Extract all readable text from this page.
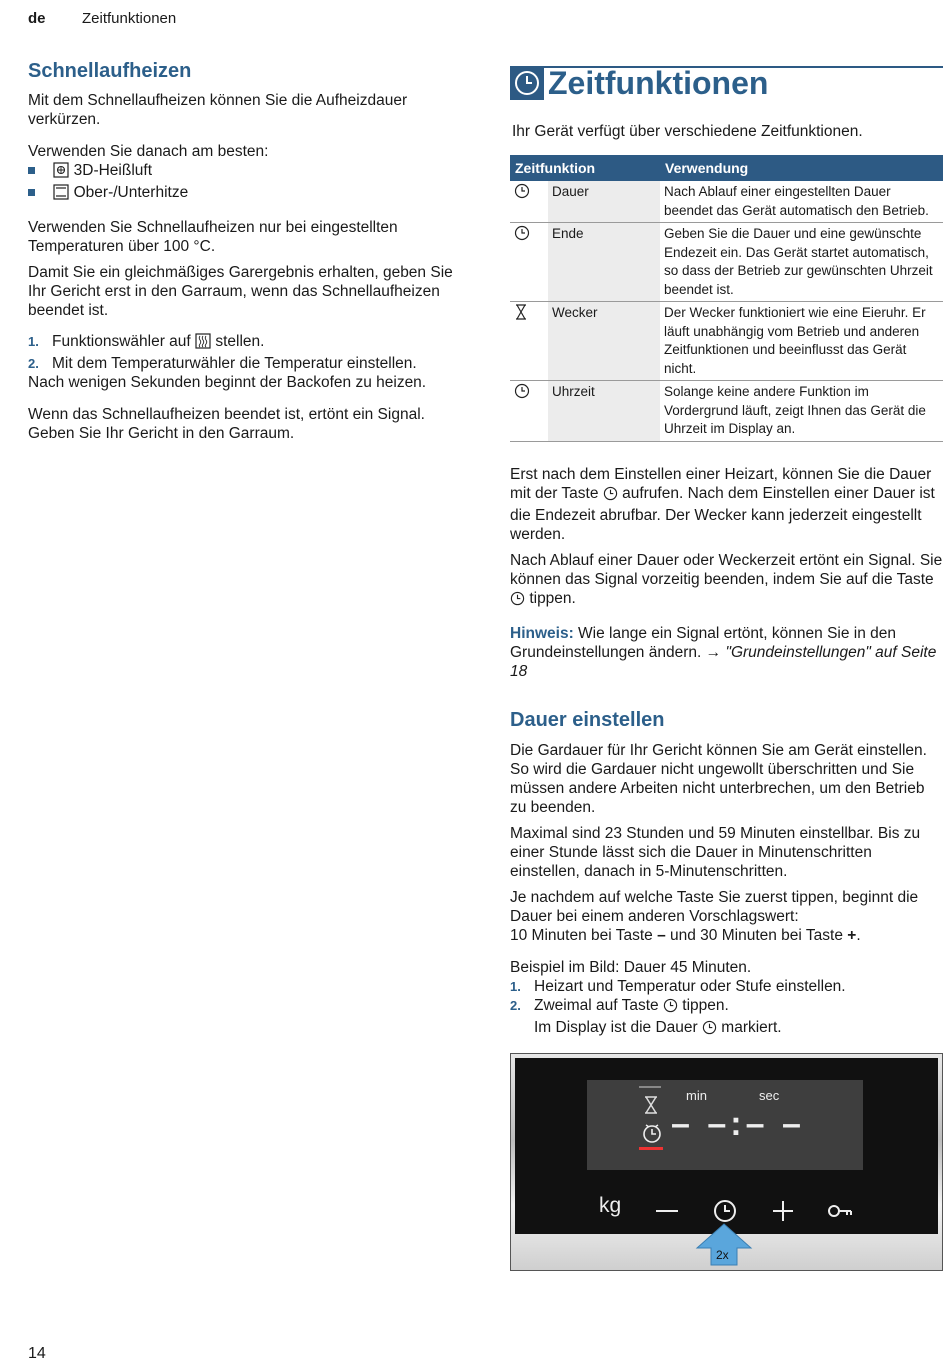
de Zeitfunktionen
Schnellaufheizen

Mit dem Schnellaufheizen können Sie die Aufheizdauer verkürzen.

Verwenden Sie danach am besten:

3D-Heißluft
Ober-/Unterhitze

Verwenden Sie Schnellaufheizen nur bei eingestellten Temperaturen über 100 °C.

Damit Sie ein gleichmäßiges Garergebnis erhalten, geben Sie Ihr Gericht erst in den Garraum, wenn das Schnellaufheizen beendet ist.

1. Funktionswähler auf stellen.
2. Mit dem Temperaturwähler die Temperatur einstellen.

Nach wenigen Sekunden beginnt der Backofen zu heizen.

Wenn das Schnellaufheizen beendet ist, ertönt ein Signal. Geben Sie Ihr Gericht in den Garraum.

Zeitfunktionen
Ihr Gerät verfügt über verschiedene Zeitfunktionen.
Zeitfunktion		Verwendung
	Dauer	Nach Ablauf einer eingestellten Dauer beendet das Gerät automatisch den Betrieb.
	Ende	Geben Sie die Dauer und eine gewünschte Endezeit ein. Das Gerät startet automatisch, so dass der Betrieb zur gewünschten Uhrzeit beendet ist.
	Wecker	Der Wecker funktioniert wie eine Eieruhr. Er läuft unabhängig vom Betrieb und anderen Zeitfunktionen und beeinflusst das Gerät nicht.
	Uhrzeit	Solange keine andere Funktion im Vordergrund läuft, zeigt Ihnen das Gerät die Uhrzeit im Display an.

Erst nach dem Einstellen einer Heizart, können Sie die Dauer mit der Taste aufrufen. Nach dem Einstellen einer Dauer ist die Endezeit abrufbar. Der Wecker kann jederzeit eingestellt werden.

Nach Ablauf einer Dauer oder Weckerzeit ertönt ein Signal. Sie können das Signal vorzeitig beenden, indem Sie auf die Taste  tippen.

Hinweis: Wie lange ein Signal ertönt, können Sie in den Grundeinstellungen ändern. → "Grundeinstellungen" auf Seite 18

Dauer einstellen

Die Gardauer für Ihr Gericht können Sie am Gerät einstellen. So wird die Gardauer nicht ungewollt überschritten und Sie müssen andere Arbeiten nicht unterbrechen, um den Betrieb zu beenden.

Maximal sind 23 Stunden und 59 Minuten einstellbar. Bis zu einer Stunde lässt sich die Dauer in Minutenschritten einstellen, danach in 5-Minutenschritten.

Je nachdem auf welche Taste Sie zuerst tippen, beginnt die Dauer bei einem anderen Vorschlagswert:
10 Minuten bei Taste – und 30 Minuten bei Taste +.

Beispiel im Bild: Dauer 45 Minuten.

1. Heizart und Temperatur oder Stufe einstellen.
2. Zweimal auf Taste tippen.
Im Display ist die Dauer markiert.
min	sec
– –:– –
kg
2x
14
